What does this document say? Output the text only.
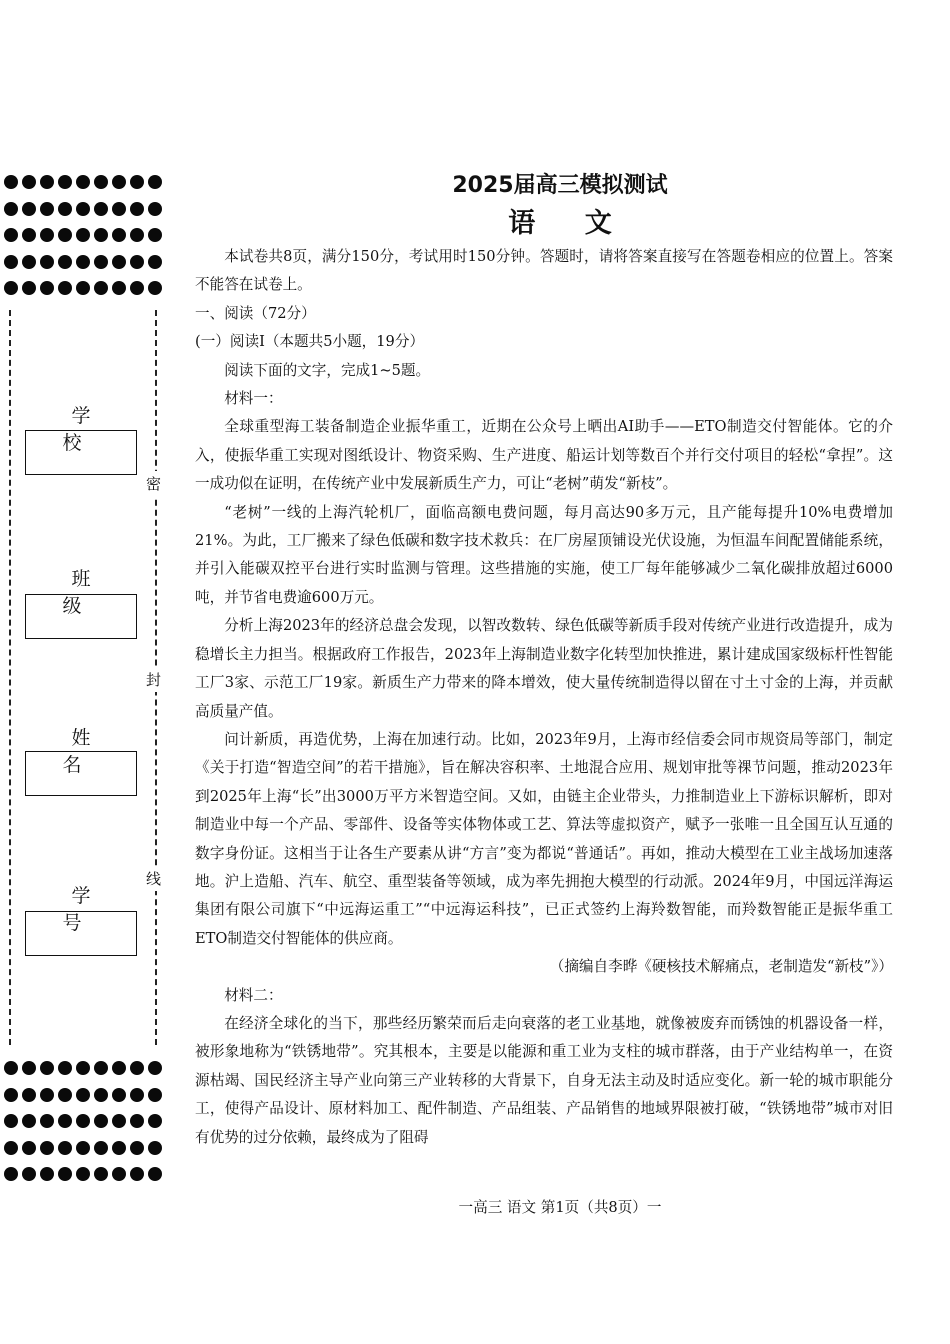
学 校
班 级
姓 名
学 号
密
封
线
2025届高三模拟测试
语 文

本试卷共8页，满分150分，考试用时150分钟。答题时，请将答案直接写在答题卷相应的位置上。答案不能答在试卷上。

一、阅读（72分）

(一）阅读I（本题共5小题，19分）

阅读下面的文字，完成1~5题。

材料一：

全球重型海工装备制造企业振华重工，近期在公众号上晒出AI助手——ETO制造交付智能体。它的介入，使振华重工实现对图纸设计、物资采购、生产进度、船运计划等数百个并行交付项目的轻松“拿捏”。这一成功似在证明，在传统产业中发展新质生产力，可让“老树”萌发“新枝”。

“老树”一线的上海汽轮机厂，面临高额电费问题，每月高达90多万元，且产能每提升10%电费增加21%。为此，工厂搬来了绿色低碳和数字技术救兵：在厂房屋顶铺设光伏设施，为恒温车间配置储能系统，并引入能碳双控平台进行实时监测与管理。这些措施的实施，使工厂每年能够减少二氧化碳排放超过6000吨，并节省电费逾600万元。

分析上海2023年的经济总盘会发现，以智改数转、绿色低碳等新质手段对传统产业进行改造提升，成为稳增长主力担当。根据政府工作报告，2023年上海制造业数字化转型加快推进，累计建成国家级标杆性智能工厂3家、示范工厂19家。新质生产力带来的降本增效，使大量传统制造得以留在寸土寸金的上海，并贡献高质量产值。

问计新质，再造优势，上海在加速行动。比如，2023年9月，上海市经信委会同市规资局等部门，制定《关于打造“智造空间”的若干措施》，旨在解决容积率、土地混合应用、规划审批等祼节问题，推动2023年到2025年上海“长”出3000万平方米智造空间。又如，由链主企业带头，力推制造业上下游标识解析，即对制造业中每一个产品、零部件、设备等实体物体或工艺、算法等虚拟资产，赋予一张唯一且全国互认互通的数字身份证。这相当于让各生产要素从讲“方言”变为都说“普通话”。再如，推动大模型在工业主战场加速落地。沪上造船、汽车、航空、重型装备等领域，成为率先拥抱大模型的行动派。2024年9月，中国远洋海运集团有限公司旗下“中远海运重工”“中远海运科技”，已正式签约上海羚数智能，而羚数智能正是振华重工ETO制造交付智能体的供应商。

（摘编自李晔《硬核技术解痛点，老制造发“新枝”》）

材料二：

在经济全球化的当下，那些经历繁荣而后走向衰落的老工业基地，就像被废弃而锈蚀的机器设备一样，被形象地称为“铁锈地带”。究其根本，主要是以能源和重工业为支柱的城市群落，由于产业结构单一，在资源枯竭、国民经济主导产业向第三产业转移的大背景下，自身无法主动及时适应变化。新一轮的城市职能分工，使得产品设计、原材料加工、配件制造、产品组装、产品销售的地域界限被打破，“铁锈地带”城市对旧有优势的过分依赖，最终成为了阻碍

一高三 语文 第1页（共8页）一
